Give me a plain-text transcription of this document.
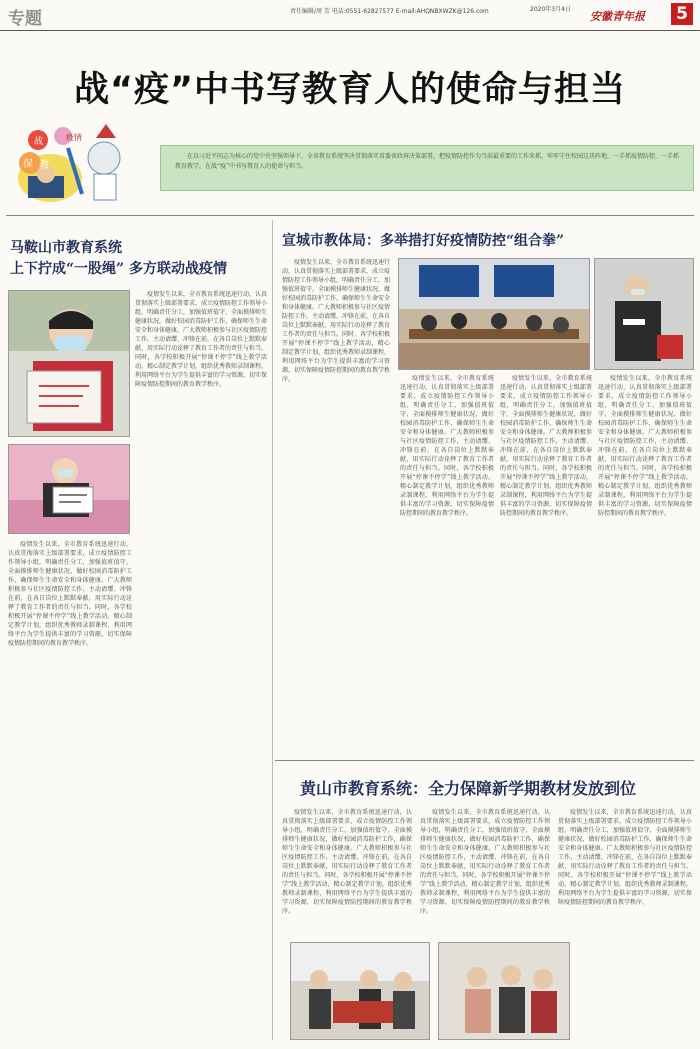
专题	责任编辑/周 芳 电话:0551-62827577 E-mail:AHQNBXWZK@126.com	2020年3月4日
安徽青年报 5
战“疫”中书写教育人的使命与担当
战	疫情
保 教
在以习近平同志为核心的党中央坚强领导下，全省教育系统坚决贯彻落实省委省政府决策部署，把疫情防控作为当前最重要的工作来抓，牢牢守住校园这块阵地，一手抓疫情防控，一手抓教育教学，在战“疫”中书写教育人的使命与担当。
马鞍山市教育系统
上下拧成“一股绳” 多方联动战疫情
宣城市教体局：多举措打好疫情防控“组合拳”
黄山市教育系统：全力保障新学期教材发放到位

疫情发生以来，全市教育系统迅速行动，认真贯彻落实上级部署要求，成立疫情防控工作领导小组，明确责任分工，加强值班值守，全面摸排师生健康状况，做好校园消毒防护工作，确保师生生命安全和身体健康。广大教师积极参与社区疫情防控工作，主动请缨、冲锋在前，在各自岗位上默默奉献，用实际行动诠释了教育工作者的责任与担当。同时，各学校积极开展“停课不停学”线上教学活动，精心制定教学计划，组织优秀教师录制课程，利用网络平台为学生提供丰富的学习资源，切实保障疫情防控期间的教育教学秩序。

疫情发生以来，全市教育系统迅速行动，认真贯彻落实上级部署要求，成立疫情防控工作领导小组，明确责任分工，加强值班值守，全面摸排师生健康状况，做好校园消毒防护工作，确保师生生命安全和身体健康。广大教师积极参与社区疫情防控工作，主动请缨、冲锋在前，在各自岗位上默默奉献，用实际行动诠释了教育工作者的责任与担当。同时，各学校积极开展“停课不停学”线上教学活动，精心制定教学计划，组织优秀教师录制课程，利用网络平台为学生提供丰富的学习资源，切实保障疫情防控期间的教育教学秩序。

疫情发生以来，全市教育系统迅速行动，认真贯彻落实上级部署要求，成立疫情防控工作领导小组，明确责任分工，加强值班值守，全面摸排师生健康状况，做好校园消毒防护工作，确保师生生命安全和身体健康。广大教师积极参与社区疫情防控工作，主动请缨、冲锋在前，在各自岗位上默默奉献，用实际行动诠释了教育工作者的责任与担当。同时，各学校积极开展“停课不停学”线上教学活动，精心制定教学计划，组织优秀教师录制课程，利用网络平台为学生提供丰富的学习资源，切实保障疫情防控期间的教育教学秩序。	疫情发生以来，全市教育系统迅速行动，认真贯彻落实上级部署要求，成立疫情防控工作领导小组，明确责任分工，加强值班值守，全面摸排师生健康状况，做好校园消毒防护工作，确保师生生命安全和身体健康。广大教师积极参与社区疫情防控工作，主动请缨、冲锋在前，在各自岗位上默默奉献，用实际行动诠释了教育工作者的责任与担当。同时，各学校积极开展“停课不停学”线上教学活动，精心制定教学计划，组织优秀教师录制课程，利用网络平台为学生提供丰富的学习资源，切实保障疫情防控期间的教育教学秩序。

疫情发生以来，全市教育系统迅速行动，认真贯彻落实上级部署要求，成立疫情防控工作领导小组，明确责任分工，加强值班值守，全面摸排师生健康状况，做好校园消毒防护工作，确保师生生命安全和身体健康。广大教师积极参与社区疫情防控工作，主动请缨、冲锋在前，在各自岗位上默默奉献，用实际行动诠释了教育工作者的责任与担当。同时，各学校积极开展“停课不停学”线上教学活动，精心制定教学计划，组织优秀教师录制课程，利用网络平台为学生提供丰富的学习资源，切实保障疫情防控期间的教育教学秩序。

疫情发生以来，全市教育系统迅速行动，认真贯彻落实上级部署要求，成立疫情防控工作领导小组，明确责任分工，加强值班值守，全面摸排师生健康状况，做好校园消毒防护工作，确保师生生命安全和身体健康。广大教师积极参与社区疫情防控工作，主动请缨、冲锋在前，在各自岗位上默默奉献，用实际行动诠释了教育工作者的责任与担当。同时，各学校积极开展“停课不停学”线上教学活动，精心制定教学计划，组织优秀教师录制课程，利用网络平台为学生提供丰富的学习资源，切实保障疫情防控期间的教育教学秩序。

疫情发生以来，全市教育系统迅速行动，认真贯彻落实上级部署要求，成立疫情防控工作领导小组，明确责任分工，加强值班值守，全面摸排师生健康状况，做好校园消毒防护工作，确保师生生命安全和身体健康。广大教师积极参与社区疫情防控工作，主动请缨、冲锋在前，在各自岗位上默默奉献，用实际行动诠释了教育工作者的责任与担当。同时，各学校积极开展“停课不停学”线上教学活动，精心制定教学计划，组织优秀教师录制课程，利用网络平台为学生提供丰富的学习资源，切实保障疫情防控期间的教育教学秩序。

疫情发生以来，全市教育系统迅速行动，认真贯彻落实上级部署要求，成立疫情防控工作领导小组，明确责任分工，加强值班值守，全面摸排师生健康状况，做好校园消毒防护工作，确保师生生命安全和身体健康。广大教师积极参与社区疫情防控工作，主动请缨、冲锋在前，在各自岗位上默默奉献，用实际行动诠释了教育工作者的责任与担当。同时，各学校积极开展“停课不停学”线上教学活动，精心制定教学计划，组织优秀教师录制课程，利用网络平台为学生提供丰富的学习资源，切实保障疫情防控期间的教育教学秩序。

疫情发生以来，全市教育系统迅速行动，认真贯彻落实上级部署要求，成立疫情防控工作领导小组，明确责任分工，加强值班值守，全面摸排师生健康状况，做好校园消毒防护工作，确保师生生命安全和身体健康。广大教师积极参与社区疫情防控工作，主动请缨、冲锋在前，在各自岗位上默默奉献，用实际行动诠释了教育工作者的责任与担当。同时，各学校积极开展“停课不停学”线上教学活动，精心制定教学计划，组织优秀教师录制课程，利用网络平台为学生提供丰富的学习资源，切实保障疫情防控期间的教育教学秩序。
